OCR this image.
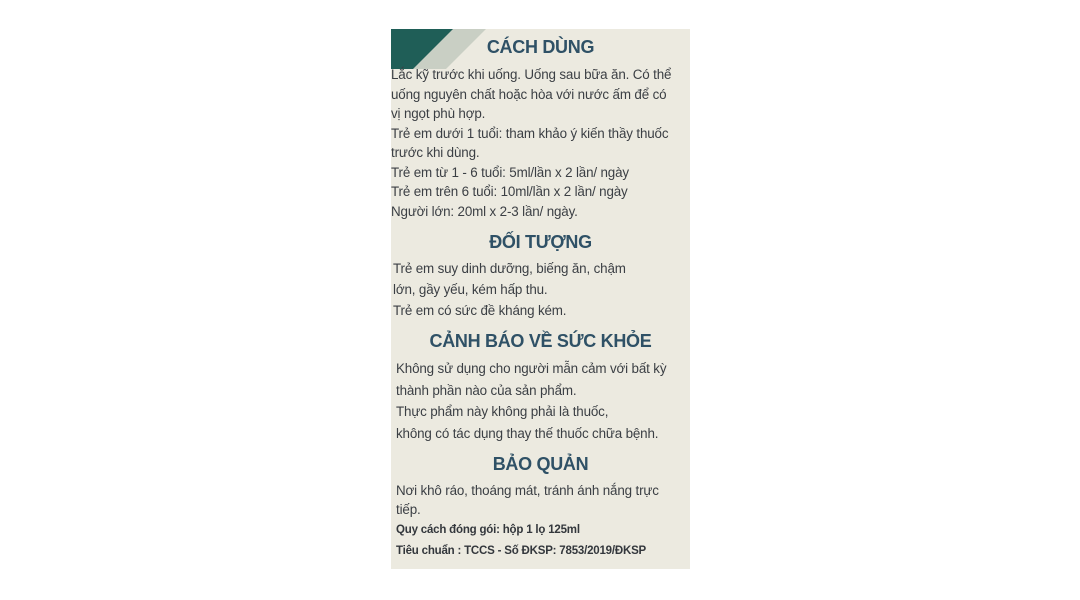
CÁCH DÙNG
Lắc kỹ trước khi uống. Uống sau bữa ăn. Có thể
uống nguyên chất hoặc hòa với nước ấm để có
vị ngọt phù hợp.
Trẻ em dưới 1 tuổi: tham khảo ý kiến thầy thuốc
trước khi dùng.
Trẻ em từ 1 - 6 tuổi: 5ml/lần x 2 lần/ ngày
Trẻ em trên 6 tuổi: 10ml/lần x 2 lần/ ngày
Người lớn: 20ml x 2-3 lần/ ngày.
ĐỐI TƯỢNG
Trẻ em suy dinh dưỡng, biếng ăn, chậm
lớn, gầy yếu, kém hấp thu.
Trẻ em có sức đề kháng kém.
CẢNH BÁO VỀ SỨC KHỎE
Không sử dụng cho người mẫn cảm với bất kỳ
thành phần nào của sản phẩm.
Thực phẩm này không phải là thuốc,
không có tác dụng thay thế thuốc chữa bệnh.
BẢO QUẢN
Nơi khô ráo, thoáng mát, tránh ánh nắng trực
tiếp.
Quy cách đóng gói: hộp 1 lọ 125ml
Tiêu chuẩn : TCCS - Số ĐKSP: 7853/2019/ĐKSP
